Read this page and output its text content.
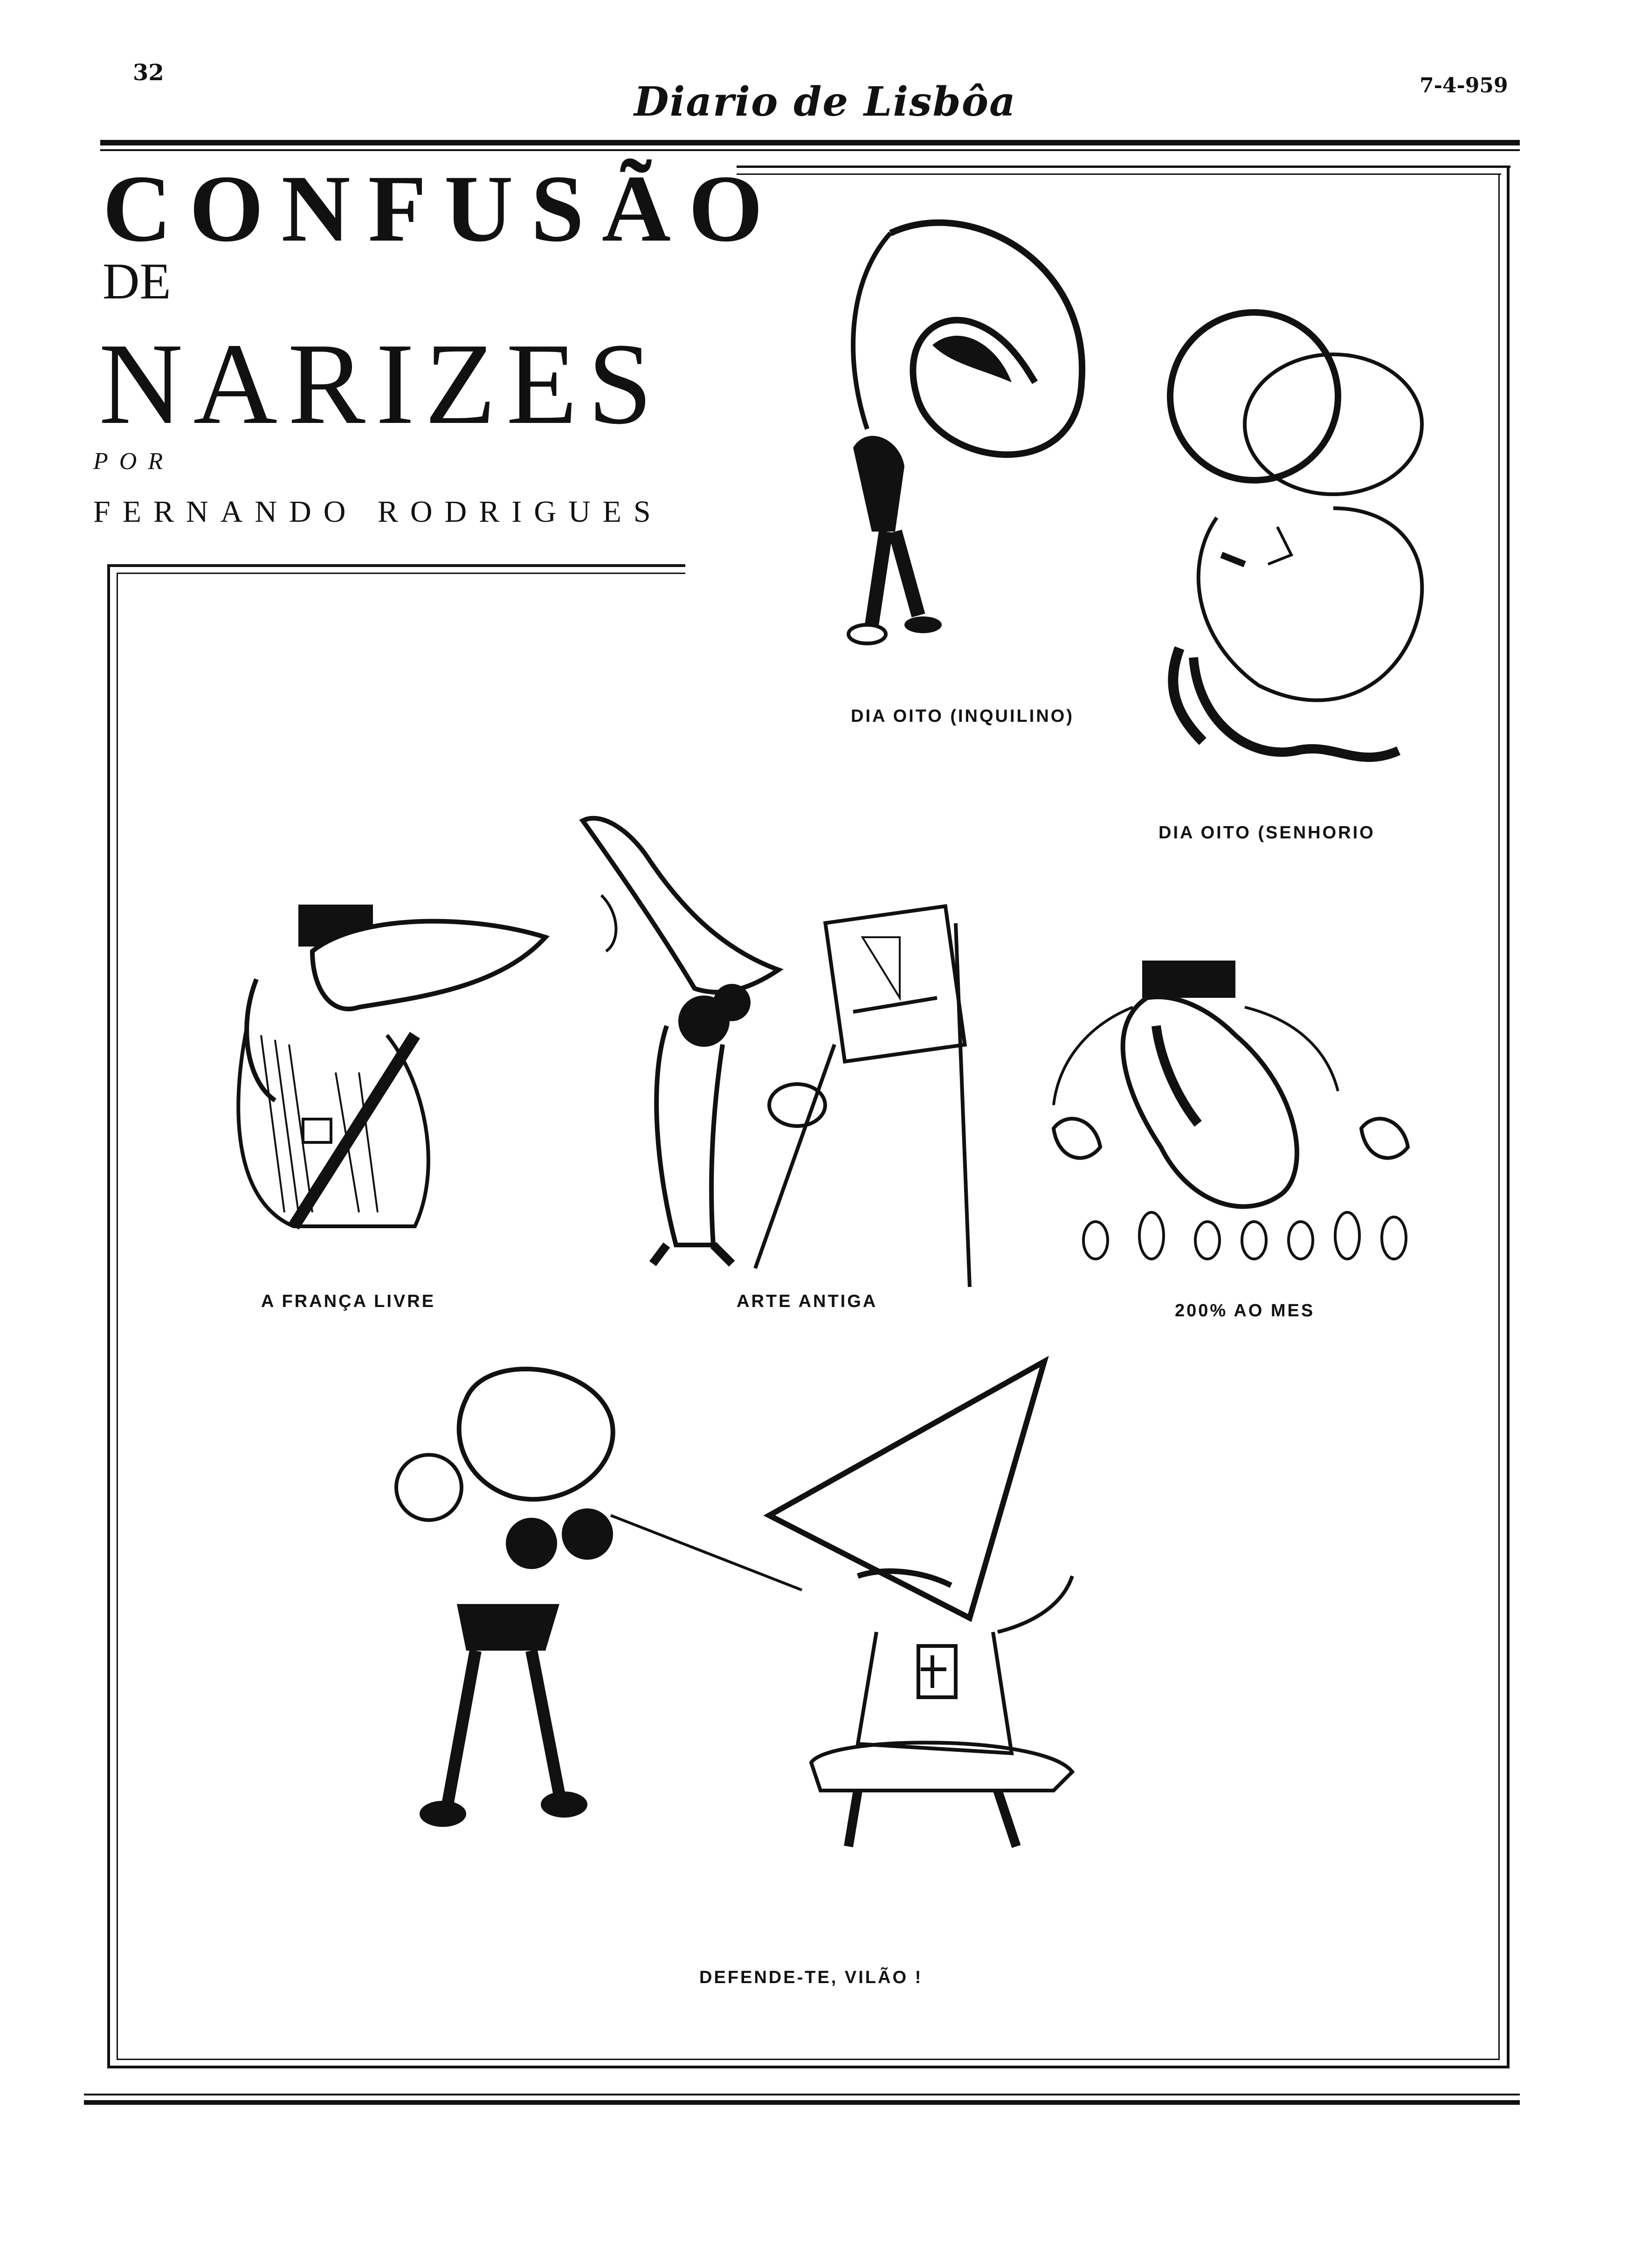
32
Diario de Lisbôa	7-4-959
CONFUSÃO
DE
NARIZES
POR
FERNANDO RODRIGUES
DIA OITO (INQUILINO)
DIA OITO (SENHORIO
A FRANÇA LIVRE	ARTE ANTIGA	200% AO MES
DEFENDE-TE, VILÃO !
